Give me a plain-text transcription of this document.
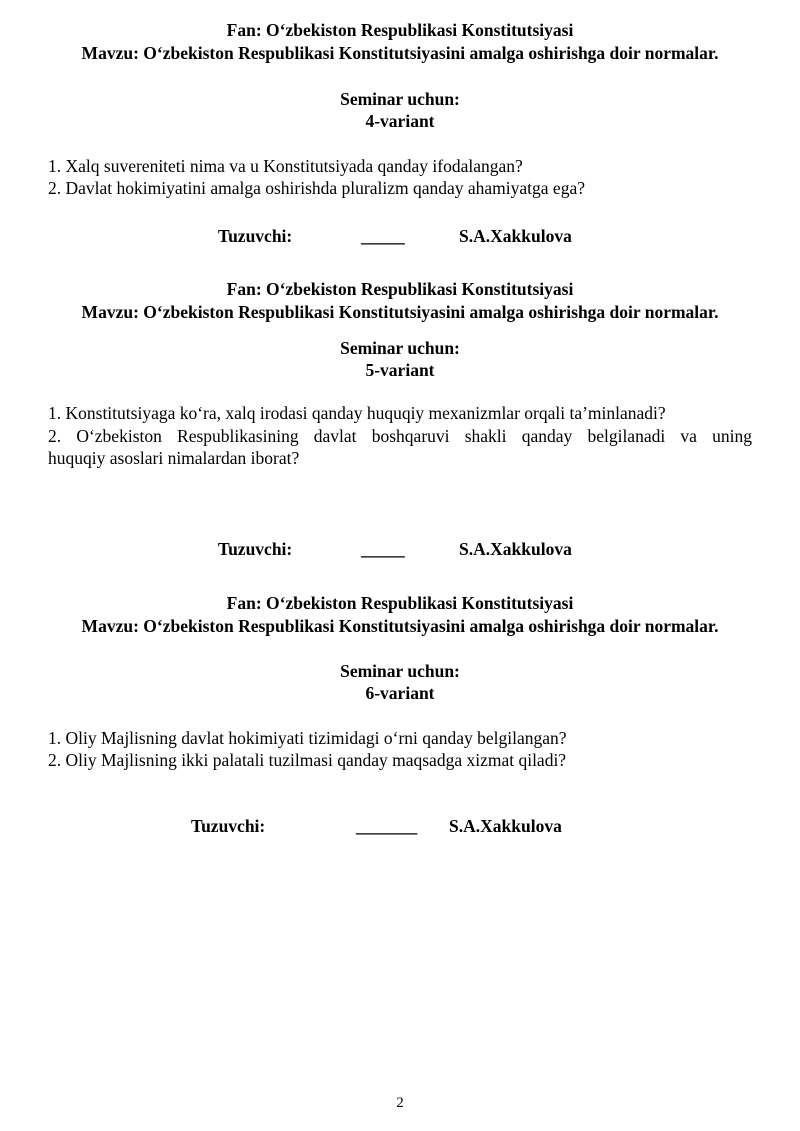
Fan: O‘zbekiston Respublikasi Konstitutsiyasi
Mavzu: O‘zbekiston Respublikasi Konstitutsiyasini amalga oshirishga doir normalar.
Seminar uchun:
4-variant
1. Xalq suvereniteti nima va u Konstitutsiyada qanday ifodalangan?
2. Davlat hokimiyatini amalga oshirishda pluralizm qanday ahamiyatga ega?
Tuzuvchi:	_____	S.A.Xakkulova
Fan: O‘zbekiston Respublikasi Konstitutsiyasi
Mavzu: O‘zbekiston Respublikasi Konstitutsiyasini amalga oshirishga doir normalar.
Seminar uchun:
5-variant
1. Konstitutsiyaga ko‘ra, xalq irodasi qanday huquqiy mexanizmlar orqali ta’minlanadi?
2. O‘zbekiston Respublikasining davlat boshqaruvi shakli qanday belgilanadi va uning
huquqiy asoslari nimalardan iborat?
Tuzuvchi:	_____	S.A.Xakkulova
Fan: O‘zbekiston Respublikasi Konstitutsiyasi
Mavzu: O‘zbekiston Respublikasi Konstitutsiyasini amalga oshirishga doir normalar.
Seminar uchun:
6-variant
1. Oliy Majlisning davlat hokimiyati tizimidagi o‘rni qanday belgilangan?
2. Oliy Majlisning ikki palatali tuzilmasi qanday maqsadga xizmat qiladi?
Tuzuvchi:	_______ S.A.Xakkulova
2
